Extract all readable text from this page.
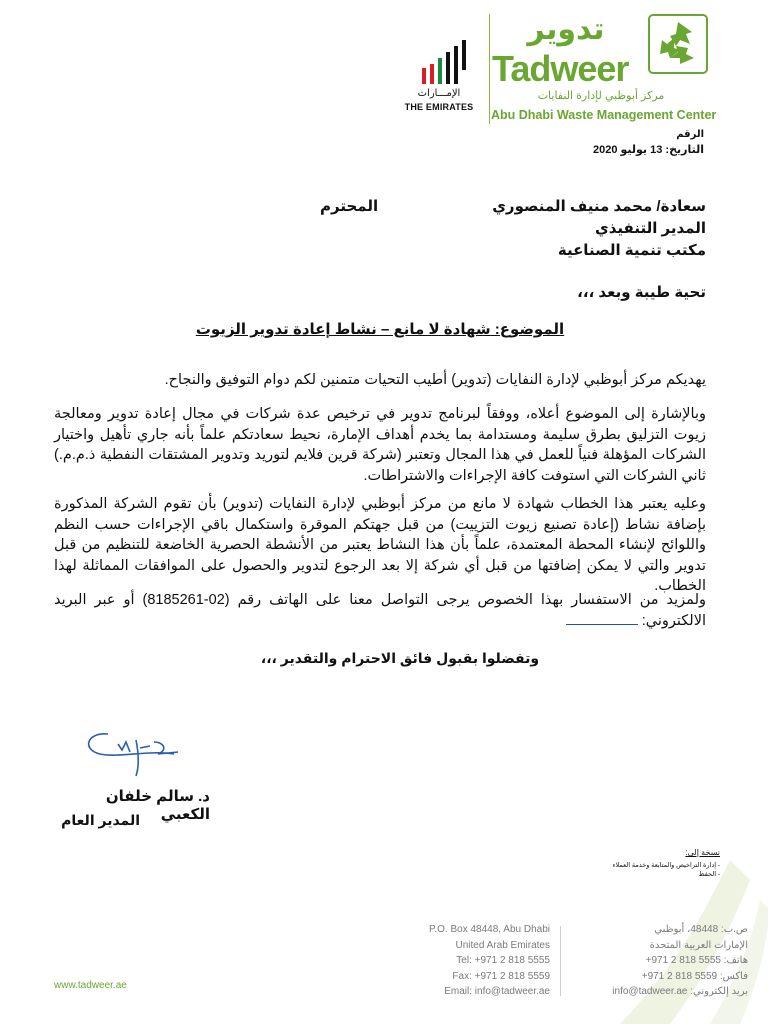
الإمـــارات
THE EMIRATES
تدوير
Tadweer
مركز أبوظبي لإدارة النفايات
Abu Dhabi Waste Management Center
الرقم
التاريخ: 13 يوليو 2020
سعادة/ محمد منيف المنصوري
المحترم
المدير التنفيذي
مكتب تنمية الصناعية
تحية طيبة وبعد ،،،
الموضوع: شهادة لا مانع – نشاط إعادة تدوير الزيوت
يهديكم مركز أبوظبي لإدارة النفايات (تدوير) أطيب التحيات متمنين لكم دوام التوفيق والنجاح.
وبالإشارة إلى الموضوع أعلاه، ووفقاً لبرنامج تدوير في ترخيص عدة شركات في مجال إعادة تدوير ومعالجة زيوت التزليق بطرق سليمة ومستدامة بما يخدم أهداف الإمارة، نحيط سعادتكم علماً بأنه جاري تأهيل واختيار الشركات المؤهلة فنياً للعمل في هذا المجال وتعتبر (شركة قرين فلايم لتوريد وتدوير المشتقات النفطية ذ.م.م.) ثاني الشركات التي استوفت كافة الإجراءات والاشتراطات.
وعليه يعتبر هذا الخطاب شهادة لا مانع من مركز أبوظبي لإدارة النفايات (تدوير) بأن تقوم الشركة المذكورة بإضافة نشاط (إعادة تصنيع زيوت التزييت) من قبل جهتكم الموقرة واستكمال باقي الإجراءات حسب النظم واللوائح لإنشاء المحطة المعتمدة، علماً بأن هذا النشاط يعتبر من الأنشطة الحصرية الخاضعة للتنظيم من قبل تدوير والتي لا يمكن إضافتها من قبل أي شركة إلا بعد الرجوع لتدوير والحصول على الموافقات المماثلة لهذا الخطاب.
ولمزيد من الاستفسار بهذا الخصوص يرجى التواصل معنا على الهاتف رقم (02-8185261) أو عبر البريد الالكتروني:
وتفضلوا بقبول فائق الاحترام والتقدير ،،،
د. سالم خلفان الكعبي
المدير العام
نسخة إلى:
- إدارة التراخيص والمتابعة وخدمة العملاء
- الحفظ
P.O. Box 48448, Abu Dhabi
United Arab Emirates
Tel: +971 2 818 5555
Fax: +971 2 818 5559
Email: info@tadweer.ae
ص.ب: 48448، أبوظبي
الإمارات العربية المتحدة
هاتف: 5555 818 2 971+
فاكس: 5559 818 2 971+
بريد إلكتروني: info@tadweer.ae
www.tadweer.ae
